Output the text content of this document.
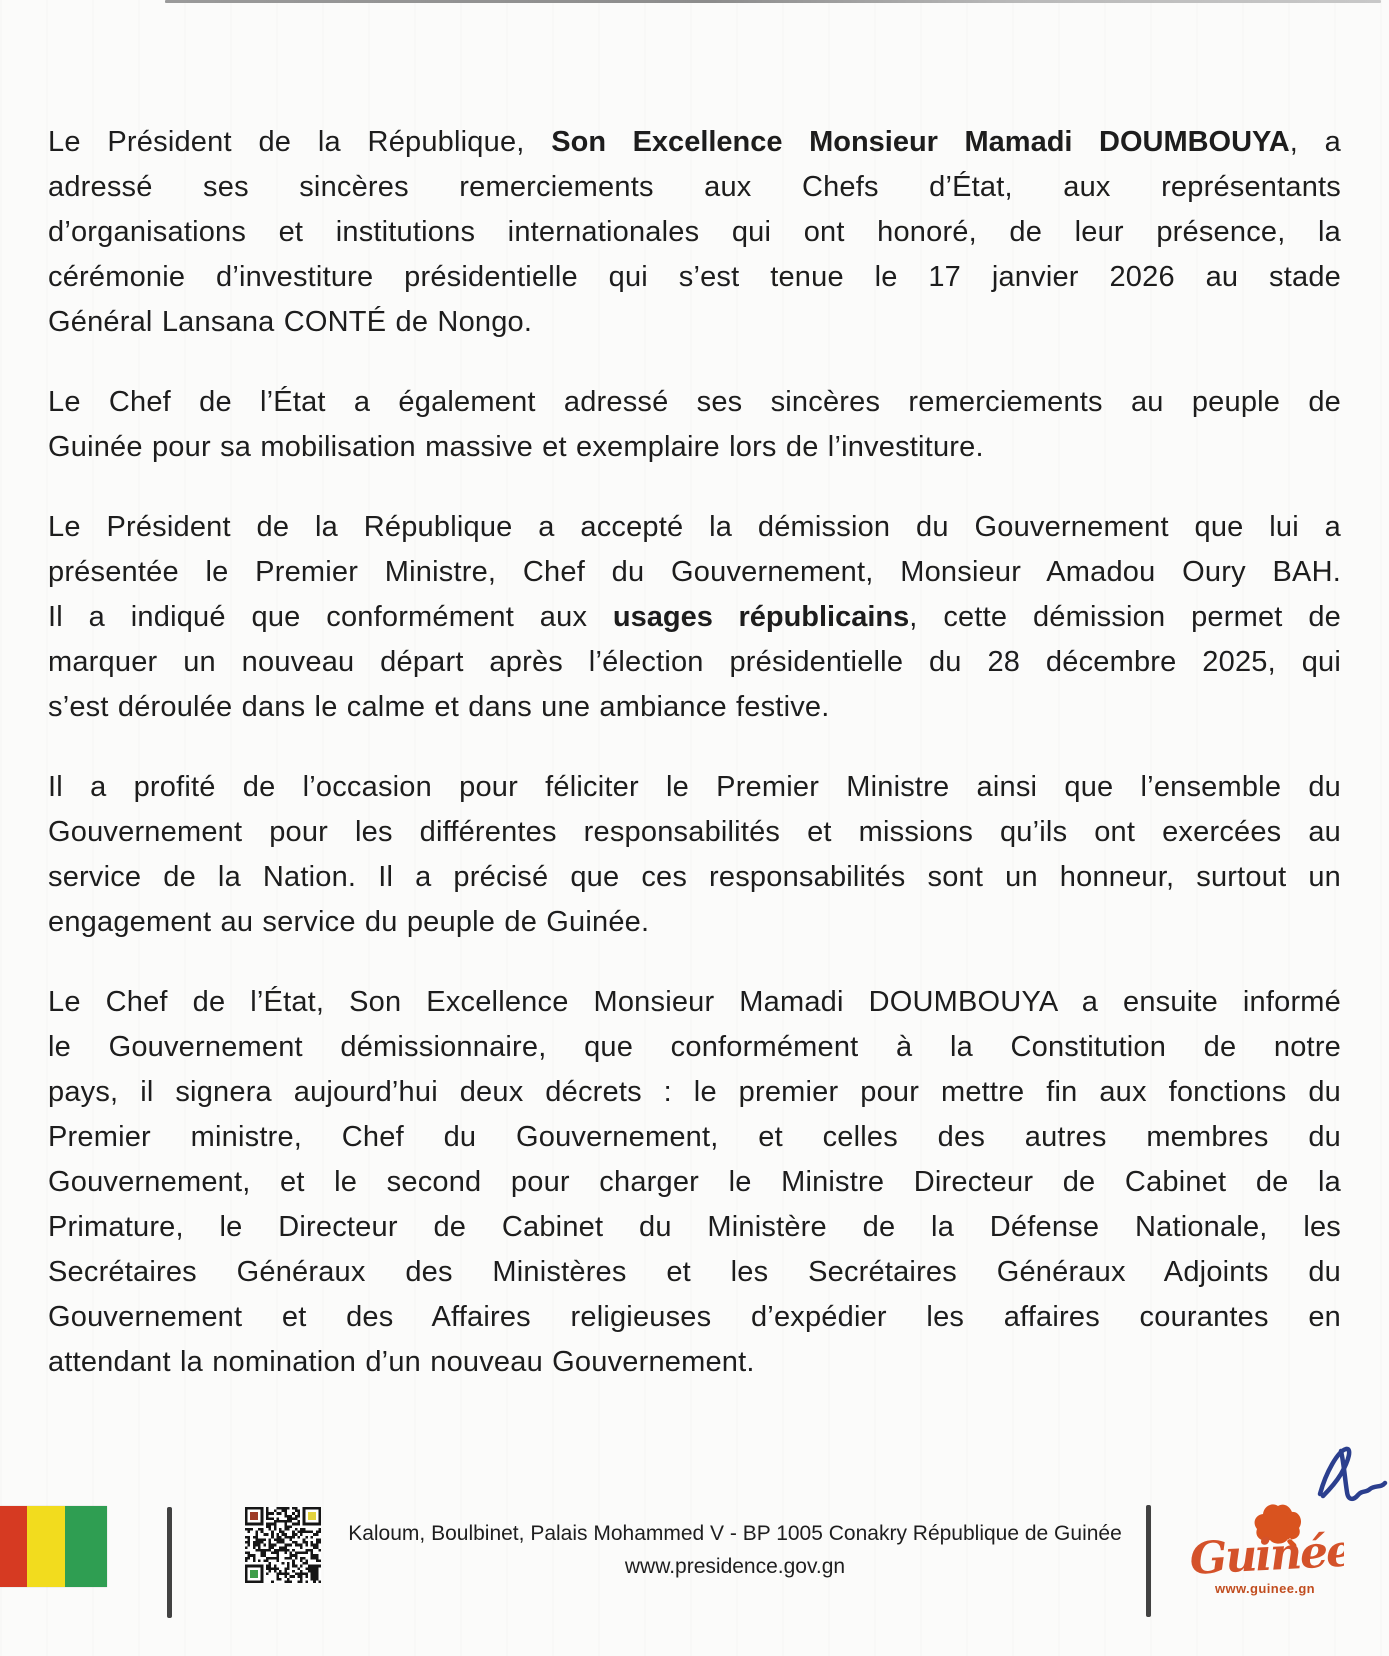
Le Président de la République, Son Excellence Monsieur Mamadi DOUMBOUYA, a
adressé ses sincères remerciements aux Chefs d’État, aux représentants
d’organisations et institutions internationales qui ont honoré, de leur présence, la
cérémonie d’investiture présidentielle qui s’est tenue le 17 janvier 2026 au stade
Général Lansana CONTÉ de Nongo.
Le Chef de l’État a également adressé ses sincères remerciements au peuple de
Guinée pour sa mobilisation massive et exemplaire lors de l’investiture.
Le Président de la République a accepté la démission du Gouvernement que lui a
présentée le Premier Ministre, Chef du Gouvernement, Monsieur Amadou Oury BAH.
Il a indiqué que conformément aux usages républicains, cette démission permet de
marquer un nouveau départ après l’élection présidentielle du 28 décembre 2025, qui
s’est déroulée dans le calme et dans une ambiance festive.
Il a profité de l’occasion pour féliciter le Premier Ministre ainsi que l’ensemble du
Gouvernement pour les différentes responsabilités et missions qu’ils ont exercées au
service de la Nation. Il a précisé que ces responsabilités sont un honneur, surtout un
engagement au service du peuple de Guinée.
Le Chef de l’État, Son Excellence Monsieur Mamadi DOUMBOUYA a ensuite informé
le Gouvernement démissionnaire, que conformément à la Constitution de notre
pays, il signera aujourd’hui deux décrets : le premier pour mettre fin aux fonctions du
Premier ministre, Chef du Gouvernement, et celles des autres membres du
Gouvernement, et le second pour charger le Ministre Directeur de Cabinet de la
Primature, le Directeur de Cabinet du Ministère de la Défense Nationale, les
Secrétaires Généraux des Ministères et les Secrétaires Généraux Adjoints du
Gouvernement et des Affaires religieuses d’expédier les affaires courantes en
attendant la nomination d’un nouveau Gouvernement.
Kaloum, Boulbinet, Palais Mohammed V - BP 1005 Conakry République de Guinée
www.presidence.gov.gn	Guinée
www.guinee.gn
